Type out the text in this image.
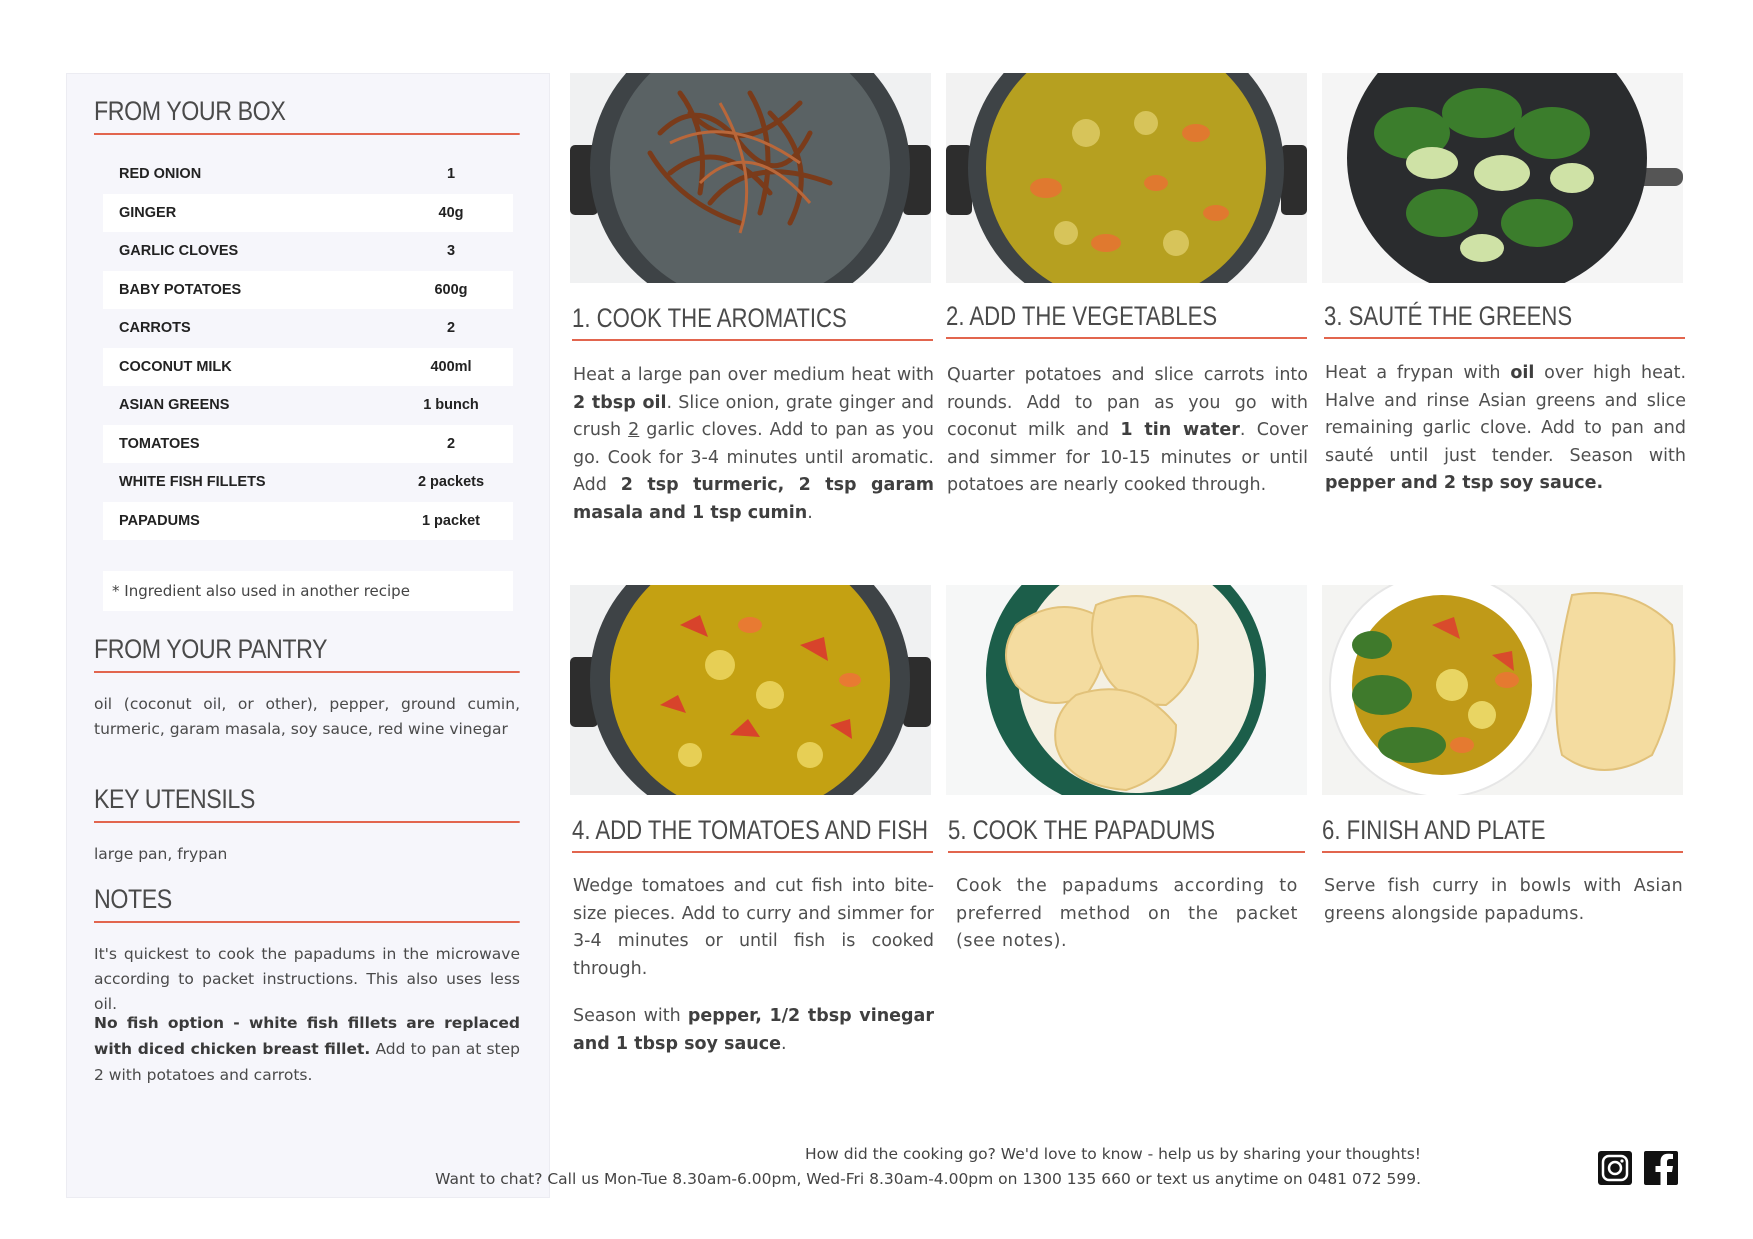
FROM YOUR BOX
RED ONION	1
GINGER	40g
GARLIC CLOVES	3
BABY POTATOES	600g
CARROTS	2
COCONUT MILK	400ml
ASIAN GREENS	1 bunch
TOMATOES	2
WHITE FISH FILLETS	2 packets
PAPADUMS	1 packet
* Ingredient also used in another recipe
FROM YOUR PANTRY
oil (coconut oil, or other), pepper, ground cumin, turmeric, garam masala, soy sauce, red wine vinegar
KEY UTENSILS
large pan, frypan
NOTES
It's quickest to cook the papadums in the microwave according to packet instructions. This also uses less oil.
No fish option - white fish fillets are replaced with diced chicken breast fillet. Add to pan at step 2 with potatoes and carrots.
1. COOK THE AROMATICS	2. ADD THE VEGETABLES	3. SAUTÉ THE GREENS
4. ADD THE TOMATOES AND FISH 5. COOK THE PAPADUMS	6. FINISH AND PLATE
Heat a large pan over medium heat with 2 tbsp oil. Slice onion, grate ginger and crush 2 garlic cloves. Add to pan as you go. Cook for 3-4 minutes until aromatic. Add 2 tsp turmeric, 2 tsp garam masala and 1 tsp cumin.
Quarter potatoes and slice carrots into rounds. Add to pan as you go with coconut milk and 1 tin water. Cover and simmer for 10-15 minutes or until potatoes are nearly cooked through.
Heat a frypan with oil over high heat. Halve and rinse Asian greens and slice remaining garlic clove. Add to pan and sauté until just tender. Season with pepper and 2 tsp soy sauce.

Wedge tomatoes and cut fish into bite-size pieces. Add to curry and simmer for 3-4 minutes or until fish is cooked through.

Season with pepper, 1/2 tbsp vinegar and 1 tbsp soy sauce.

Cook the papadums according to preferred method on the packet (see notes).
Serve fish curry in bowls with Asian greens alongside papadums.
How did the cooking go? We'd love to know - help us by sharing your thoughts!
Want to chat? Call us Mon-Tue 8.30am-6.00pm, Wed-Fri 8.30am-4.00pm on 1300 135 660 or text us anytime on 0481 072 599.
